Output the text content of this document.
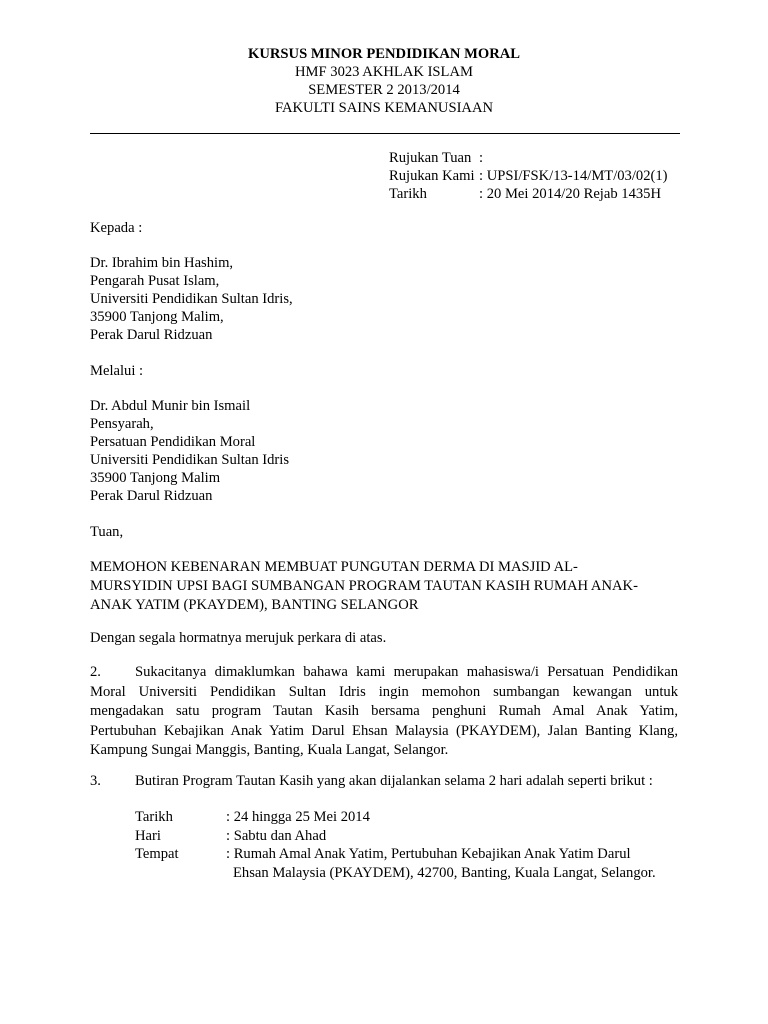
KURSUS MINOR PENDIDIKAN MORAL
HMF 3023 AKHLAK ISLAM
SEMESTER 2 2013/2014
FAKULTI SAINS KEMANUSIAAN
Rujukan Tuan :
Rujukan Kami : UPSI/FSK/13-14/MT/03/02(1)
Tarikh	: 20 Mei 2014/20 Rejab 1435H
Kepada :
Dr. Ibrahim bin Hashim,
Pengarah Pusat Islam,
Universiti Pendidikan Sultan Idris,
35900 Tanjong Malim,
Perak Darul Ridzuan
Melalui :
Dr. Abdul Munir bin Ismail
Pensyarah,
Persatuan Pendidikan Moral
Universiti Pendidikan Sultan Idris
35900 Tanjong Malim
Perak Darul Ridzuan
Tuan,
MEMOHON KEBENARAN MEMBUAT PUNGUTAN DERMA DI MASJID AL-
MURSYIDIN UPSI BAGI SUMBANGAN PROGRAM TAUTAN KASIH RUMAH ANAK-
ANAK YATIM (PKAYDEM), BANTING SELANGOR
Dengan segala hormatnya merujuk perkara di atas.
2. Sukacitanya dimaklumkan bahawa kami merupakan mahasiswa/i Persatuan Pendidikan
Moral Universiti Pendidikan Sultan Idris ingin memohon sumbangan kewangan untuk
mengadakan satu program Tautan Kasih bersama penghuni Rumah Amal Anak Yatim,
Pertubuhan Kebajikan Anak Yatim Darul Ehsan Malaysia (PKAYDEM), Jalan Banting Klang,
Kampung Sungai Manggis, Banting, Kuala Langat, Selangor.
3. Butiran Program Tautan Kasih yang akan dijalankan selama 2 hari adalah seperti brikut :
Tarikh	: 24 hingga 25 Mei 2014
Hari	: Sabtu dan Ahad
Tempat	: Rumah Amal Anak Yatim, Pertubuhan Kebajikan Anak Yatim Darul
Ehsan Malaysia (PKAYDEM), 42700, Banting, Kuala Langat, Selangor.
